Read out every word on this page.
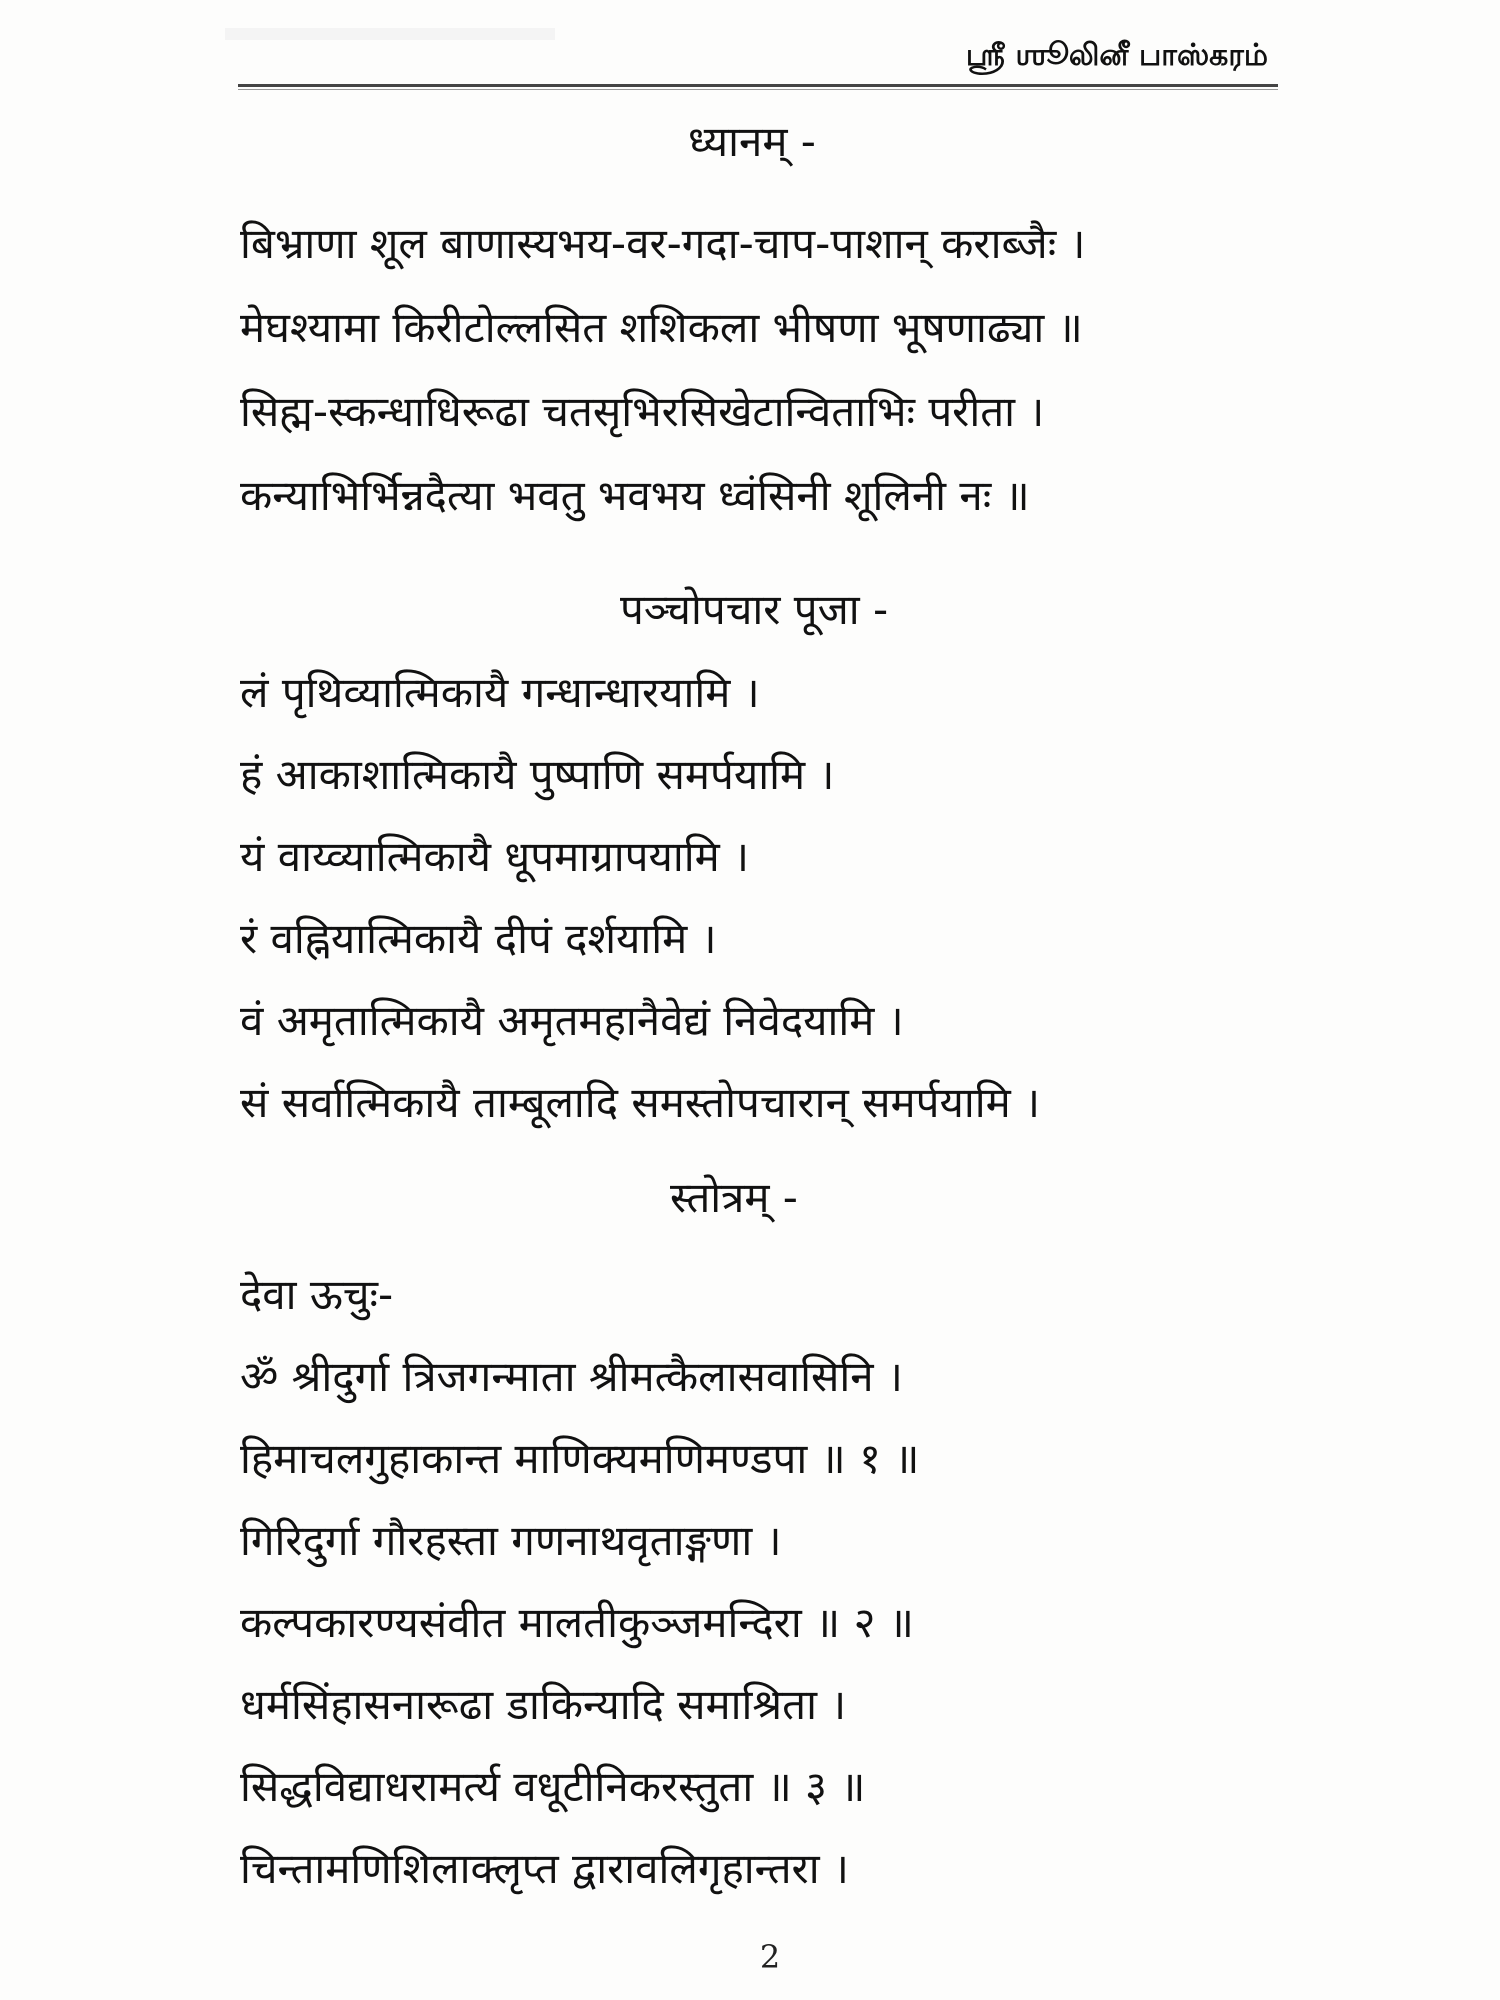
ஸ்ரீ ஶூலினீ பாஸ்கரம்
ध्यानम् -
बिभ्राणा शूल बाणास्यभय-वर-गदा-चाप-पाशान् कराब्जैः ।
मेघश्यामा किरीटोल्लसित शशिकला भीषणा भूषणाढ्या ॥
सिह्म-स्कन्धाधिरूढा चतसृभिरसिखेटान्विताभिः परीता ।
कन्याभिर्भिन्नदैत्या भवतु भवभय ध्वंसिनी शूलिनी नः ॥
पञ्चोपचार पूजा -
लं पृथिव्यात्मिकायै गन्धान्धारयामि ।
हं आकाशात्मिकायै पुष्पाणि समर्पयामि ।
यं वाय्व्यात्मिकायै धूपमाग्रापयामि ।
रं वह्नियात्मिकायै दीपं दर्शयामि ।
वं अमृतात्मिकायै अमृतमहानैवेद्यं निवेदयामि ।
सं सर्वात्मिकायै ताम्बूलादि समस्तोपचारान् समर्पयामि ।
स्तोत्रम् -
देवा ऊचुः-
ॐ श्रीदुर्गा त्रिजगन्माता श्रीमत्कैलासवासिनि ।
हिमाचलगुहाकान्त माणिक्यमणिमण्डपा ॥ १ ॥
गिरिदुर्गा गौरहस्ता गणनाथवृताङ्गणा ।
कल्पकारण्यसंवीत मालतीकुञ्जमन्दिरा ॥ २ ॥
धर्मसिंहासनारूढा डाकिन्यादि समाश्रिता ।
सिद्धविद्याधरामर्त्य वधूटीनिकरस्तुता ॥ ३ ॥
चिन्तामणिशिलाक्लृप्त द्वारावलिगृहान्तरा ।
2
